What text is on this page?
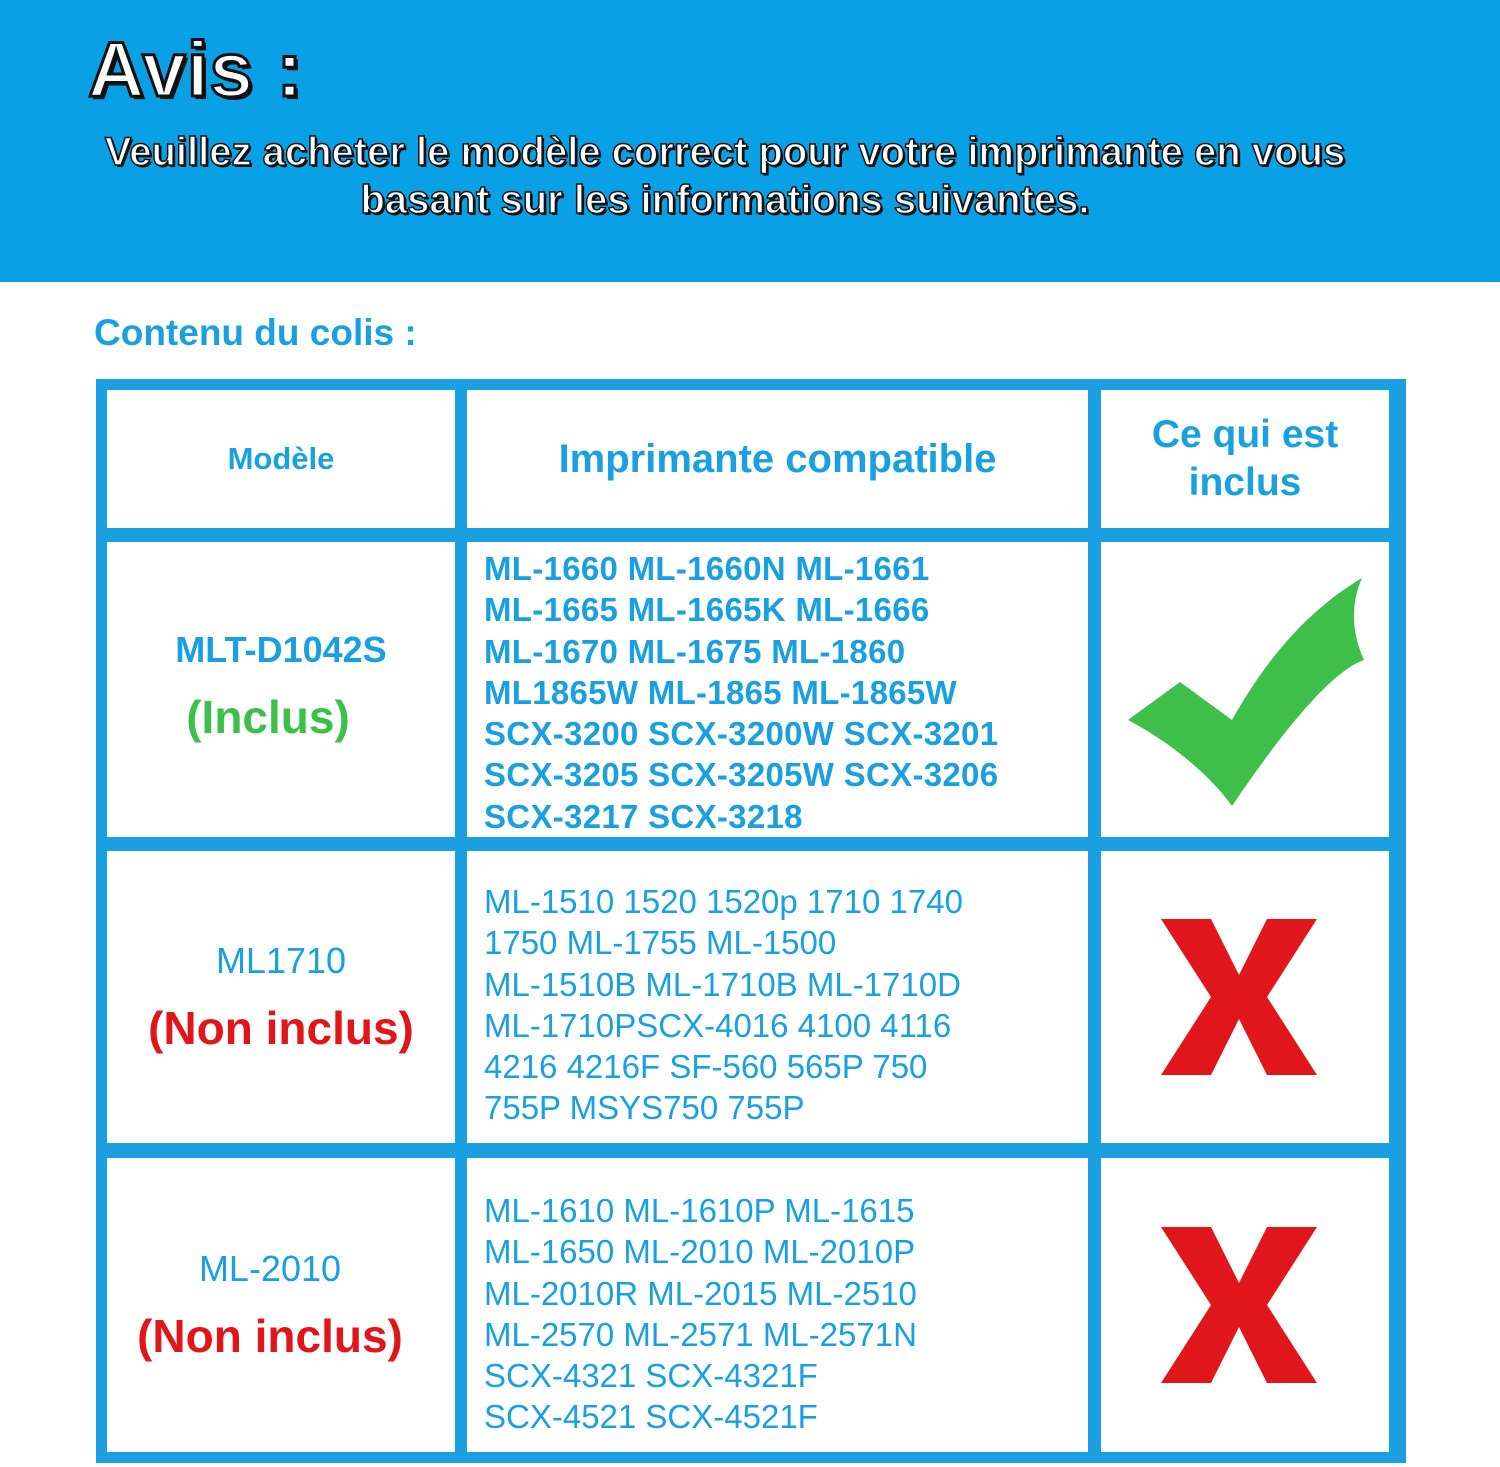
Avis :
Veuillez acheter le modèle correct pour votre imprimante en vous
basant sur les informations suivantes.
Contenu du colis :
Modèle	Imprimante compatible
Ce qui est
inclus
MLT-D1042S
(Inclus)
ML-1660 ML-1660N ML-1661
ML-1665 ML-1665K ML-1666
ML-1670 ML-1675 ML-1860
ML1865W ML-1865 ML-1865W
SCX-3200 SCX-3200W SCX-3201
SCX-3205 SCX-3205W SCX-3206
SCX-3217 SCX-3218
ML1710
(Non inclus)
ML-1510 1520 1520p 1710 1740
1750 ML-1755 ML-1500
ML-1510B ML-1710B ML-1710D
ML-1710PSCX-4016 4100 4116
4216 4216F SF-560 565P 750
755P MSYS750 755P
ML-2010
(Non inclus)
ML-1610 ML-1610P ML-1615
ML-1650 ML-2010 ML-2010P
ML-2010R ML-2015 ML-2510
ML-2570 ML-2571 ML-2571N
SCX-4321 SCX-4321F
SCX-4521 SCX-4521F
